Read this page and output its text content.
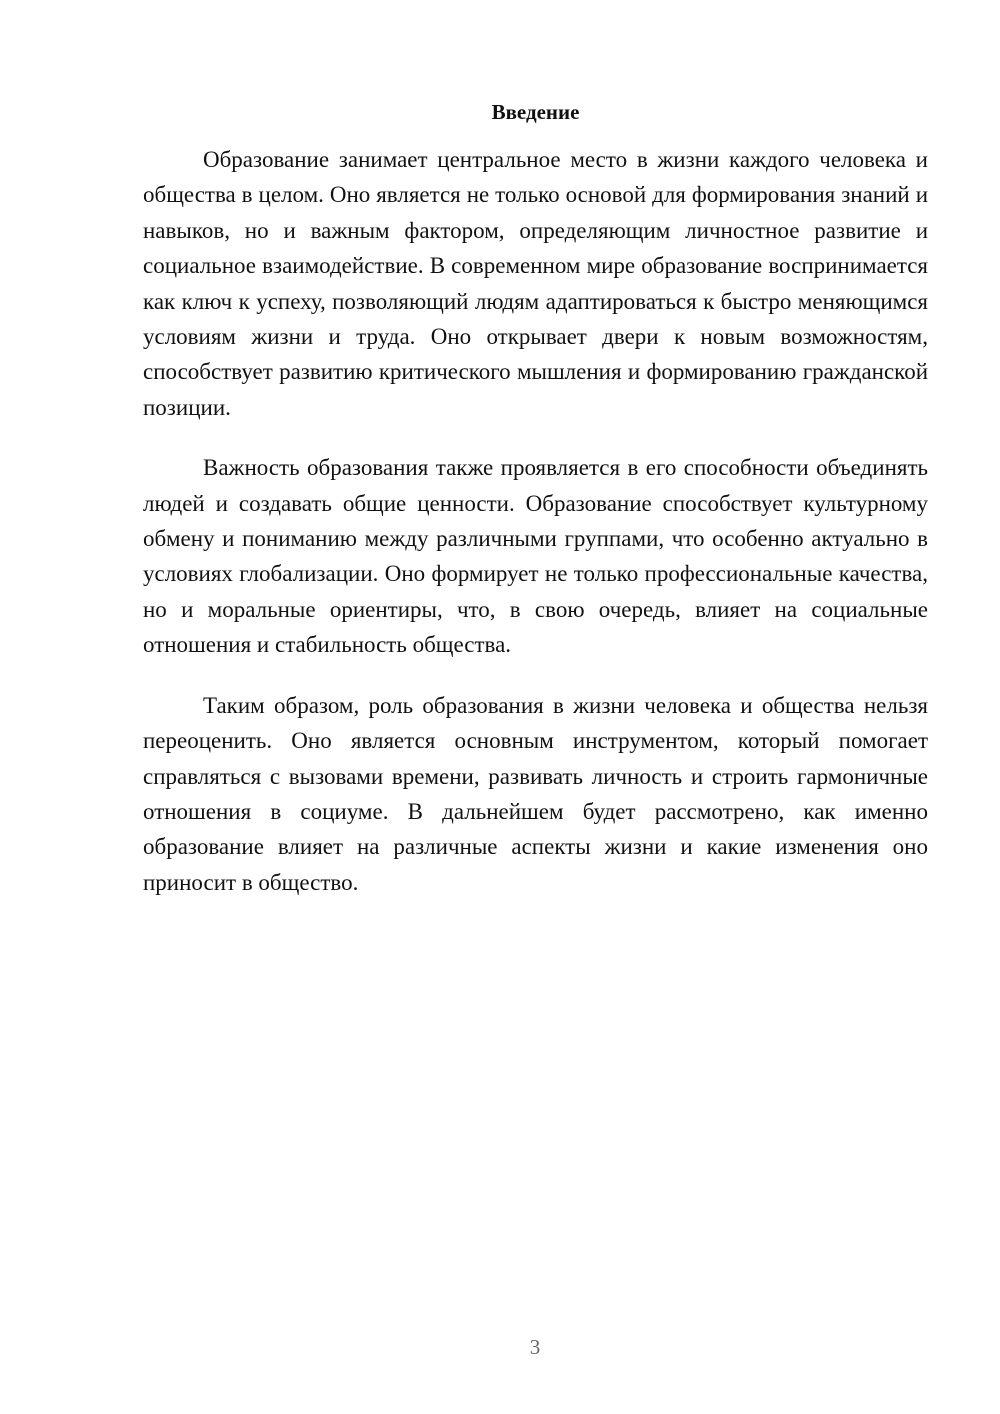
Введение

Образование занимает центральное место в жизни каждого человека и общества в целом. Оно является не только основой для формирования знаний и навыков, но и важным фактором, определяющим личностное развитие и социальное взаимодействие. В современном мире образование воспринимается как ключ к успеху, позволяющий людям адаптироваться к быстро меняющимся условиям жизни и труда. Оно открывает двери к новым возможностям, способствует развитию критического мышления и формированию гражданской позиции.

Важность образования также проявляется в его способности объединять людей и создавать общие ценности. Образование способствует культурному обмену и пониманию между различными группами, что особенно актуально в условиях глобализации. Оно формирует не только профессиональные качества, но и моральные ориентиры, что, в свою очередь, влияет на социальные отношения и стабильность общества.

Таким образом, роль образования в жизни человека и общества нельзя переоценить. Оно является основным инструментом, который помогает справляться с вызовами времени, развивать личность и строить гармоничные отношения в социуме. В дальнейшем будет рассмотрено, как именно образование влияет на различные аспекты жизни и какие изменения оно приносит в общество.

3
